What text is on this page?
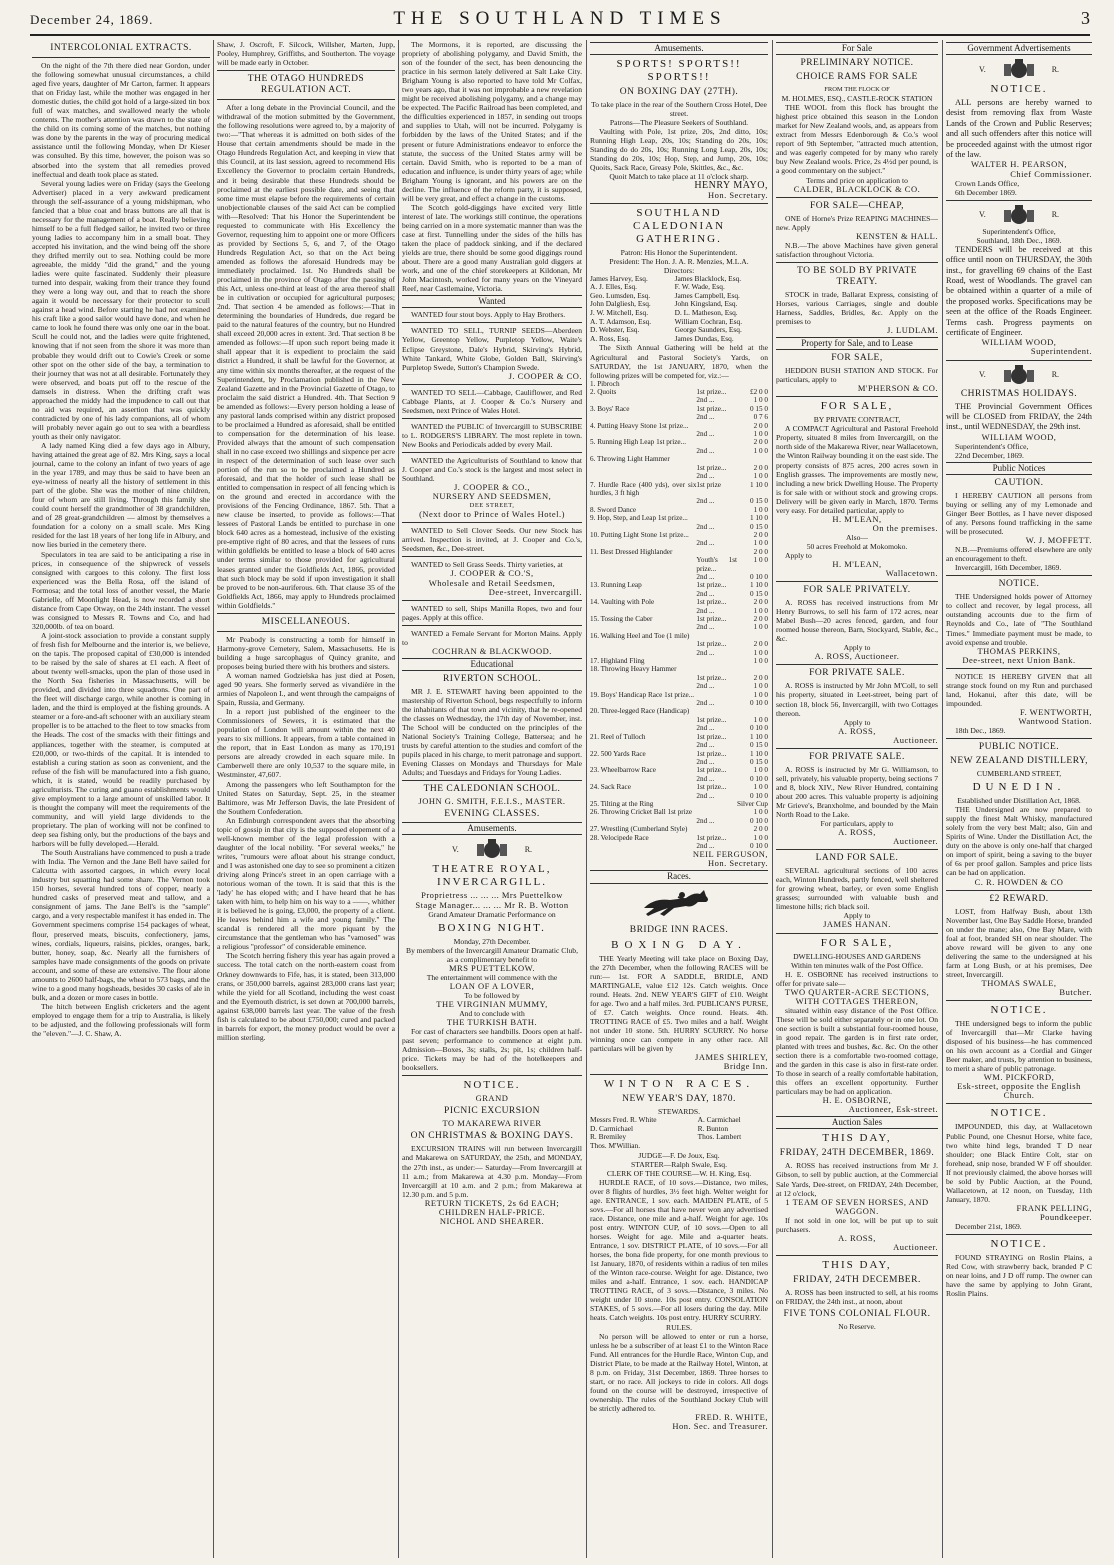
December 24, 1869.	THE SOUTHLAND TIMES	3
INTERCOLONIAL EXTRACTS.

On the night of the 7th there died near Gordon, under the following somewhat unusual circumstances, a child aged five years, daughter of Mr Carton, farmer. It appears that on Friday last, while the mother was engaged in her domestic duties, the child got hold of a large-sized tin box full of wax matches, and swallowed nearly the whole contents. The mother's attention was drawn to the state of the child on its coming some of the matches, but nothing was done by the parents in the way of procuring medical assistance until the following Monday, when Dr Kieser was consulted. By this time, however, the poison was so absorbed into the system that all remedies proved ineffectual and death took place as stated.

Several young ladies were on Friday (says the Geelong Advertiser) placed in a very awkward predicament through the self-assurance of a young midshipman, who fancied that a blue coat and brass buttons are all that is necessary for the management of a boat. Really believing himself to be a full fledged sailor, he invited two or three young ladies to accompany him in a small boat. They accepted his invitation, and the wind being off the shore they drifted merrily out to sea. Nothing could be more agreeable, the middy "did the grand," and the young ladies were quite fascinated. Suddenly their pleasure turned into despair, waking from their trance they found they were a long way out, and that to reach the shore again it would be necessary for their protector to scull against a head wind. Before starting he had not examined his craft like a good sailor would have done, and when he came to look he found there was only one oar in the boat. Scull he could not, and the ladies were quite frightened, knowing that if not seen from the shore it was more than probable they would drift out to Cowie's Creek or some other spot on the other side of the bay, a termination to their journey that was not at all desirable. Fortunately they were observed, and boats put off to the rescue of the damsels in distress. When the drifting craft was approached the middy had the impudence to call out that no aid was required, an assertion that was quickly contradicted by one of his lady companions, all of whom will probably never again go out to sea with a beardless youth as their only navigator.

A lady named King died a few days ago in Albury, having attained the great age of 82. Mrs King, says a local journal, came to the colony an infant of two years of age in the year 1789, and may thus be said to have been an eye-witness of nearly all the history of settlement in this part of the globe. She was the mother of nine children, four of whom are still living. Through this family she could count herself the grandmother of 38 grandchildren, and of 28 great-grandchildren — almost by themselves a foundation for a colony on a small scale. Mrs King resided for the last 18 years of her long life in Albury, and now lies buried in the cemetery there.

Speculators in tea are said to be anticipating a rise in prices, in consequence of the shipwreck of vessels consigned with cargoes to this colony. The first loss experienced was the Bella Rosa, off the island of Formosa; and the total loss of another vessel, the Marie Gabrielle, off Moonlight Head, is now recorded a short distance from Cape Otway, on the 24th instant. The vessel was consigned to Messrs R. Towns and Co, and had 320,000lb. of tea on board.

A joint-stock association to provide a constant supply of fresh fish for Melbourne and the interior is, we believe, on the tapis. The proposed capital of £30,000 is intended to be raised by the sale of shares at £1 each. A fleet of about twenty well-smacks, upon the plan of those used in the North Sea fisheries in Massachusetts, will be provided, and divided into three squadrons. One part of the fleet will discharge cargo, while another is coming in laden, and the third is employed at the fishing grounds. A steamer or a fore-and-aft schooner with an auxiliary steam propeller is to be attached to the fleet to tow smacks from the Heads. The cost of the smacks with their fittings and appliances, together with the steamer, is computed at £20,000, or two-thirds of the capital. It is intended to establish a curing station as soon as convenient, and the refuse of the fish will be manufactured into a fish guano, which, it is stated, would be readily purchased by agriculturists. The curing and guano establishments would give employment to a large amount of unskilled labor. It is thought the company will meet the requirements of the community, and will yield large dividends to the proprietary. The plan of working will not be confined to deep sea fishing only, but the productions of the bays and harbors will be fully developed.—Herald.

The South Australians have commenced to push a trade with India. The Vernon and the Jane Bell have sailed for Calcutta with assorted cargoes, in which every local industry but squatting had some share. The Vernon took 150 horses, several hundred tons of copper, nearly a hundred casks of preserved meat and tallow, and a consignment of jams. The Jane Bell's is the "sample" cargo, and a very respectable manifest it has ended in. The Government specimens comprise 154 packages of wheat, flour, preserved meats, biscuits, confectionery, jams, wines, cordials, liqueurs, raisins, pickles, oranges, bark, butter, honey, soap, &c. Nearly all the furnishers of samples have made consignments of the goods on private account, and some of these are extensive. The flour alone amounts to 2600 half-bags, the wheat to 573 bags, and the wine to a good many hogsheads, besides 30 casks of ale in bulk, and a dozen or more cases in bottle.

The hitch between English cricketers and the agent employed to engage them for a trip to Australia, is likely to be adjusted, and the following professionals will form the "eleven."—J. C. Shaw, A.

Shaw, J. Oscroft, F. Silcock, Willsher, Marten, Jupp, Pooley, Humphrey, Griffiths, and Southerton. The voyage will be made early in October.

THE OTAGO HUNDREDS REGULATION ACT.

After a long debate in the Provincial Council, and the withdrawal of the motion submitted by the Government, the following resolutions were agreed to, by a majority of two:—"That whereas it is admitted on both sides of the House that certain amendments should be made in the Otago Hundreds Regulation Act, and keeping in view that this Council, at its last session, agreed to recommend His Excellency the Governor to proclaim certain Hundreds, and it being desirable that these Hundreds should be proclaimed at the earliest possible date, and seeing that some time must elapse before the requirements of certain unobjectionable clauses of the said Act can be complied with—Resolved: That his Honor the Superintendent be requested to communicate with His Excellency the Governor, requesting him to appoint one or more Officers as provided by Sections 5, 6, and 7, of the Otago Hundreds Regulation Act, so that on the Act being amended as follows the aforesaid Hundreds may be immediately proclaimed. 1st. No Hundreds shall be proclaimed in the province of Otago after the passing of this Act, unless one-third at least of the area thereof shall be in cultivation or occupied for agricultural purposes; 2nd. That section 4 be amended as follows:—That in determining the boundaries of Hundreds, due regard be paid to the natural features of the country, but no Hundred shall exceed 20,000 acres in extent. 3rd. That section 8 be amended as follows:—If upon such report being made it shall appear that it is expedient to proclaim the said district a Hundred, it shall be lawful for the Governor, at any time within six months thereafter, at the request of the Superintendent, by Proclamation published in the New Zealand Gazette and in the Provincial Gazette of Otago, to proclaim the said district a Hundred. 4th. That Section 9 be amended as follows:—Every person holding a lease of any pastoral lands comprised within any district proposed to be proclaimed a Hundred as aforesaid, shall be entitled to compensation for the determination of his lease. Provided always that the amount of such compensation shall in no case exceed two shillings and sixpence per acre in respect of the determination of such lease over such portion of the run so to be proclaimed a Hundred as aforesaid, and that the holder of such lease shall be entitled to compensation in respect of all fencing which is on the ground and erected in accordance with the provisions of the Fencing Ordinance, 1867. 5th. That a new clause be inserted, to provide as follows:—That lessees of Pastoral Lands be entitled to purchase in one block 640 acres as a homestead, inclusive of the existing pre-emptive right of 80 acres, and that the lessees of runs within goldfields be entitled to lease a block of 640 acres under terms similar to those provided for agricultural leases granted under the Goldfields Act, 1866, provided that such block may be sold if upon investigation it shall be proved to be non-auriferous. 6th. That clause 35 of the Goldfields Act, 1866, may apply to Hundreds proclaimed within Goldfields."

MISCELLANEOUS.

Mr Peabody is constructing a tomb for himself in Harmony-grove Cemetery, Salem, Massachusetts. He is building a huge sarcophagus of Quincy granite, and proposes being buried there with his brothers and sisters.

A woman named Godzielska has just died at Posen, aged 90 years. She formerly served as vivandière in the armies of Napoleon I., and went through the campaigns of Spain, Russia, and Germany.

In a report just published of the engineer to the Commissioners of Sewers, it is estimated that the population of London will amount within the next 40 years to six millions. It appears, from a table contained in the report, that in East London as many as 170,191 persons are already crowded in each square mile. In Camberwell there are only 10,537 to the square mile, in Westminster, 47,607.

Among the passengers who left Southampton for the United States on Saturday, Sept. 25, in the steamer Baltimore, was Mr Jefferson Davis, the late President of the Southern Confederation.

An Edinburgh correspondent avers that the absorbing topic of gossip in that city is the supposed elopement of a well-known member of the legal profession with a daughter of the local nobility. "For several weeks," he writes, "rumours were afloat about his strange conduct, and I was astonished one day to see so prominent a citizen driving along Prince's street in an open carriage with a notorious woman of the town. It is said that this is the 'lady' he has eloped with; and I have heard that he has taken with him, to help him on his way to a ——, whither it is believed he is going, £3,000, the property of a client. He leaves behind him a wife and young family." The scandal is rendered all the more piquant by the circumstance that the gentleman who has "vamosed" was a religious "professor" of considerable eminence.

The Scotch herring fishery this year has again proved a success. The total catch on the north-eastern coast from Orkney downwards to Fife, has, it is stated, been 313,000 crans, or 350,000 barrels, against 283,000 crans last year; while the yield for all Scotland, including the west coast and the Eyemouth district, is set down at 700,000 barrels, against 638,000 barrels last year. The value of the fresh fish is calculated to be about £750,000; cured and packed in barrels for export, the money product would be over a million sterling.

The Mormons, it is reported, are discussing the propriety of abolishing polygamy, and David Smith, the son of the founder of the sect, has been denouncing the practice in his sermon lately delivered at Salt Lake City. Brigham Young is also reported to have told Mr Colfax, two years ago, that it was not improbable a new revelation might be received abolishing polygamy, and a change may be expected. The Pacific Railroad has been completed, and the difficulties experienced in 1857, in sending out troops and supplies to Utah, will not be incurred. Polygamy is forbidden by the laws of the United States; and if the present or future Administrations endeavor to enforce the statute, the success of the United States army will be certain. David Smith, who is reported to be a man of education and influence, is under thirty years of age; while Brigham Young is ignorant, and his powers are on the decline. The influence of the reform party, it is supposed, will be very great, and effect a change in the customs.

The Scotch gold-diggings have excited very little interest of late. The workings still continue, the operations being carried on in a more systematic manner than was the case at first. Tunnelling under the sides of the hills has taken the place of paddock sinking, and if the declared yields are true, there should be some good diggings round about. There are a good many Australian gold diggers at work, and one of the chief storekeepers at Kildonan, Mr John Macintosh, worked for many years on the Vineyard Reef, near Castlemaine, Victoria.

Wanted

WANTED four stout boys. Apply to Hay Brothers.

WANTED TO SELL, TURNIP SEEDS—Aberdeen Yellow, Greentop Yellow, Purpletop Yellow, Waite's Eclipse Greystone, Dale's Hybrid, Skirving's Hybrid, White Tankard, White Globe, Golden Ball, Skirving's Purpletop Swede, Sutton's Champion Swede.

J. COOPER & CO.

WANTED TO SELL—Cabbage, Cauliflower, and Red Cabbage Plants, at J. Cooper & Co.'s Nursery and Seedsmen, next Prince of Wales Hotel.

WANTED the PUBLIC of Invercargill to SUBSCRIBE to L. RODGERS'S LIBRARY. The most replete in town. New Books and Periodicals added by every Mail.

WANTED the Agriculturists of Southland to know that J. Cooper and Co.'s stock is the largest and most select in Southland.

J. COOPER & CO.,

NURSERY AND SEEDSMEN,

DEE STREET,

(Next door to Prince of Wales Hotel.)

WANTED to Sell Clover Seeds. Our new Stock has arrived. Inspection is invited, at J. Cooper and Co.'s, Seedsmen, &c., Dee-street.

WANTED to Sell Grass Seeds. Thirty varieties, at

J. COOPER & CO.'S,

Wholesale and Retail Seedsmen,

Dee-street, Invercargill.

WANTED to sell, Ships Manilla Ropes, two and four pages. Apply at this office.

WANTED a Female Servant for Morton Mains. Apply to

COCHRAN & BLACKWOOD.

Educational
RIVERTON SCHOOL.

MR J. E. STEWART having been appointed to the mastership of Riverton School, begs respectfully to inform the inhabitants of that town and vicinity, that he re-opened the classes on Wednesday, the 17th day of November, inst. The School will be conducted on the principles of the National Society's Training College, Battersea; and he trusts by careful attention to the studies and comfort of the pupils placed in his charge, to merit patronage and support. Evening Classes on Mondays and Thursdays for Male Adults; and Tuesdays and Fridays for Young Ladies.

THE CALEDONIAN SCHOOL.

JOHN G. SMITH, F.E.I.S., MASTER.

EVENING CLASSES.
Amusements.
V.	R.
THEATRE ROYAL, INVERCARGILL.

Proprietress ... ... ... Mrs Puettelkow

Stage Manager... ... ... Mr R. B. Wotton

Grand Amateur Dramatic Performance on

BOXING NIGHT.

Monday, 27th December.

By members of the Invercargill Amateur Dramatic Club, as a complimentary benefit to

MRS PUETTELKOW.

The entertainment will commence with the

LOAN OF A LOVER,

To be followed by

THE VIRGINIAN MUMMY,

And to conclude with

THE TURKISH BATH.

For cast of characters see handbills. Doors open at half-past seven; performance to commence at eight p.m. Admission—Boxes, 3s; stalls, 2s; pit, 1s; children half-price. Tickets may be had of the hotelkeepers and booksellers.

NOTICE.

GRAND

PICNIC EXCURSION

TO MAKAREWA RIVER

ON CHRISTMAS & BOXING DAYS.

EXCURSION TRAINS will run between Invercargill and Makarewa on SATURDAY, the 25th, and MONDAY, the 27th inst., as under:— Saturday—From Invercargill at 11 a.m.; from Makarewa at 4.30 p.m. Monday—From Invercargill at 10 a.m. and 2 p.m.; from Makarewa at 12.30 p.m. and 5 p.m.

RETURN TICKETS, 2s 6d EACH;

CHILDREN HALF-PRICE.

NICHOL AND SHEARER.

Amusements.
SPORTS! SPORTS!! SPORTS!!
ON BOXING DAY (27TH).

To take place in the rear of the Southern Cross Hotel, Dee street.

Patrons—The Pleasure Seekers of Southland.

Vaulting with Pole, 1st prize, 20s, 2nd ditto, 10s; Running High Leap, 20s, 10s; Standing do 20s, 10s; Standing do do 20s, 10s; Running Long Leap, 20s, 10s; Standing do 20s, 10s; Hop, Step, and Jump, 20s, 10s; Quoits, Sack Race, Greasy Pole, Skittles, &c., &c.

Quoit Match to take place at 11 o'clock sharp.

HENRY MAYO,

Hon. Secretary.

SOUTHLAND CALEDONIAN GATHERING.

Patron: His Honor the Superintendent.

President: The Hon. J. A. R. Menzies, M.L.A.

Directors:

James Harvey, Esq.	James Blacklock, Esq.
A. J. Elles, Esq.	F. W. Wade, Esq.
Geo. Lumsden, Esq.	James Campbell, Esq.
John Dalgliesh, Esq.	John Kingsland, Esq.
J. W. Mitchell, Esq.	D. L. Matheson, Esq.
A. T. Adamson, Esq.	William Cochran, Esq.
D. Webster, Esq.	George Saunders, Esq.
A. Ross, Esq.	James Dundas, Esq.

The Sixth Annual Gathering will be held at the Agricultural and Pastoral Society's Yards, on SATURDAY, the 1st JANUARY, 1870, when the following prizes will be competed for, viz.:—

1. Pibroch		
2. Quoits	1st prize...	£2 0 0
	2nd ...	1 0 0
3. Boys' Race	1st prize...	0 15 0
	2nd ...	0 7 6
4. Putting Heavy Stone 1st prize...		2 0 0
	2nd ...	1 0 0
5. Running High Leap 1st prize...		2 0 0
	2nd ...	1 0 0
6. Throwing Light Hammer		
	1st prize...	2 0 0
	2nd ...	1 0 0
7. Hurdle Race (400 yds), over six hurdles, 3 ft high	1st prize	1 10 0
	2nd ...	0 15 0
8. Sword Dance		1 0 0
9. Hop, Step, and Leap 1st prize...		1 10 0
	2nd ...	0 15 0
10. Putting Light Stone 1st prize...		2 0 0
	2nd ...	1 0 0
11. Best Dressed Highlander		2 0 0
	Youth's 1st prize...	1 0 0
	2nd ...	0 10 0
13. Running Leap	1st prize...	1 10 0
	2nd ...	0 15 0
14. Vaulting with Pole	1st prize...	2 0 0
	2nd ...	1 0 0
15. Tossing the Caber	1st prize...	2 0 0
	2nd ...	1 0 0
16. Walking Heel and Toe (1 mile)		
	1st prize...	2 0 0
	2nd ...	1 0 0
17. Highland Fling		1 0 0
18. Throwing Heavy Hammer		
	1st prize...	2 0 0
	2nd ...	1 0 0
19. Boys' Handicap Race 1st prize...		1 0 0
	2nd ...	0 10 0
20. Three-legged Race (Handicap)		
	1st prize...	1 0 0
	2nd ...	0 10 0
21. Reel of Tulloch	1st prize...	1 10 0
	2nd ...	0 15 0
22. 500 Yards Race	1st prize...	1 10 0
	2nd ...	0 15 0
23. Wheelbarrow Race	1st prize...	1 0 0
	2nd ...	0 10 0
24. Sack Race	1st prize...	1 0 0
	2nd ...	0 10 0
25. Tilting at the Ring		Silver Cup
26. Throwing Cricket Ball 1st prize		1 0 0
	2nd ...	0 10 0
27. Wrestling (Cumberland Style)		2 0 0
28. Velocipede Race	1st prize...	1 0 0
	2nd ...	0 10 0

NEIL FERGUSON,

Hon. Secretary.

Races.
BRIDGE INN RACES.
BOXING DAY.

THE Yearly Meeting will take place on Boxing Day, the 27th December, when the following RACES will be run:— 1st. FOR A SADDLE, BRIDLE, AND MARTINGALE, value £12 12s. Catch weights. Once round. Heats. 2nd. NEW YEAR'S GIFT of £10. Weight for age. Two and a half miles. 3rd. PUBLICAN'S PURSE, of £7. Catch weights. Once round. Heats. 4th. TROTTING RACE of £5. Two miles and a half. Weight not under 10 stone. 5th. HURRY SCURRY. No horse winning once can compete in any other race. All particulars will be given by

JAMES SHIRLEY,

Bridge Inn.

WINTON RACES.
NEW YEAR'S DAY, 1870.

STEWARDS.

Messrs Fred. R. White	A. Carmichael
D. Carmichael	R. Bunton
R. Bremiley	Thos. Lambert
Thos. M'Willian.	

JUDGE—F. De Joux, Esq.

STARTER—Ralph Swale, Esq.

CLERK OF THE COURSE—W. H. King, Esq.

HURDLE RACE, of 10 sovs.—Distance, two miles, over 8 flights of hurdles, 3½ feet high. Welter weight for age. ENTRANCE, 1 sov. each. MAIDEN PLATE, of 5 sovs.—For all horses that have never won any advertised race. Distance, one mile and a-half. Weight for age. 10s post entry. WINTON CUP, of 10 sovs.—Open to all horses. Weight for age. Mile and a-quarter heats. Entrance, 1 sov. DISTRICT PLATE, of 10 sovs.—For all horses, the bona fide property, for one month previous to 1st January, 1870, of residents within a radius of ten miles of the Winton race-course. Weight for age. Distance, two miles and a-half. Entrance, 1 sov. each. HANDICAP TROTTING RACE, of 3 sovs.—Distance, 3 miles. No weight under 10 stone. 10s post entry. CONSOLATION STAKES, of 5 sovs.—For all losers during the day. Mile heats. Catch weights. 10s post entry. HURRY SCURRY.

RULES.

No person will be allowed to enter or run a horse, unless he be a subscriber of at least £1 to the Winton Race Fund. All entrances for the Hurdle Race, Winton Cup, and District Plate, to be made at the Railway Hotel, Winton, at 8 p.m. on Friday, 31st December, 1869. Three horses to start, or no race. All jockeys to ride in colors. All dogs found on the course will be destroyed, irrespective of ownership. The rules of the Southland Jockey Club will be strictly adhered to.

FRED. R. WHITE,

Hon. Sec. and Treasurer.

For Sale
PRELIMINARY NOTICE.
CHOICE RAMS FOR SALE

FROM THE FLOCK OF

M. HOLMES, ESQ., CASTLE-ROCK STATION

THE WOOL from this flock has brought the highest price obtained this season in the London market for New Zealand wools, and, as appears from extract from Messrs Edenborough & Co.'s wool report of 9th September, "attracted much attention, and was eagerly competed for by many who rarely buy New Zealand wools. Price, 2s 4½d per pound, is a good commentary on the subject."

Terms and price on application to

CALDER, BLACKLOCK & CO.

FOR SALE—CHEAP,

ONE of Horne's Prize REAPING MACHINES—new. Apply

KENSTEN & HALL.

N.B.—The above Machines have given general satisfaction throughout Victoria.

TO BE SOLD BY PRIVATE TREATY.

STOCK in trade, Ballarat Express, consisting of Horses, various Carriages, single and double Harness, Saddles, Bridles, &c. Apply on the premises to

J. LUDLAM.

Property for Sale, and to Lease
FOR SALE,

HEDDON BUSH STATION AND STOCK. For particulars, apply to

M'PHERSON & CO.

FOR SALE,

BY PRIVATE CONTRACT,

A COMPACT Agricultural and Pastoral Freehold Property, situated 8 miles from Invercargill, on the north side of the Makarewa River, near Wallacetown, the Winton Railway bounding it on the east side. The property consists of 875 acres, 200 acres sown in English grasses. The improvements are mostly new, including a new brick Dwelling House. The Property is for sale with or without stock and growing crops. Delivery will be given early in March, 1870. Terms very easy. For detailed particular, apply to

H. M'LEAN,

On the premises.

Also—

50 acres Freehold at Mokomoko.

Apply to

H. M'LEAN,

Wallacetown.

FOR SALE PRIVATELY.

A. ROSS has received instructions from Mr Henry Burrows, to sell his farm of 172 acres, near Mabel Bush—20 acres fenced, garden, and four roomed house thereon, Barn, Stockyard, Stable, &c., &c.

Apply to

A. ROSS, Auctioneer.

FOR PRIVATE SALE.

A. ROSS is instructed by Mr John M'Coll, to sell his property, situated in Leet-street, being part of section 18, block 56, Invercargill, with two Cottages thereon.

Apply to

A. ROSS,

Auctioneer.

FOR PRIVATE SALE.

A. ROSS is instructed by Mr G. Williamson, to sell, privately, his valuable property, being sections 7 and 8, block XIV., New River Hundred, containing about 200 acres. This valuable property is adjoining Mr Grieve's, Branxholme, and bounded by the Main North Road to the Lake.

For particulars, apply to

A. ROSS,

Auctioneer.

LAND FOR SALE.

SEVERAL agricultural sections of 100 acres each, Winton Hundreds, partly fenced, well sheltered for growing wheat, barley, or even some English grasses; surrounded with valuable bush and limestone hills; rich black soil.

Apply to

JAMES HANAN.

FOR SALE,

DWELLING-HOUSES AND GARDENS

Within ten minutes walk of the Post Office.

H. E. OSBORNE has received instructions to offer for private sale—

TWO QUARTER-ACRE SECTIONS, WITH COTTAGES THEREON,

situated within easy distance of the Post Office. These will be sold either separately or in one lot. On one section is built a substantial four-roomed house, in good repair. The garden is in first rate order, planted with trees and bushes, &c. &c. On the other section there is a comfortable two-roomed cottage, and the garden in this case is also in first-rate order. To those in search of a really comfortable habitation, this offers an excellent opportunity. Further particulars may be had on application.

H. E. OSBORNE,

Auctioneer, Esk-street.

Auction Sales
THIS DAY,
FRIDAY, 24TH DECEMBER, 1869.

A. ROSS has received instructions from Mr J. Gibson, to sell by public auction, at the Commercial Sale Yards, Dee-street, on FRIDAY, 24th December, at 12 o'clock,

1 TEAM OF SEVEN HORSES, AND WAGGON.

If not sold in one lot, will be put up to suit purchasers.

A. ROSS,

Auctioneer.

THIS DAY,
FRIDAY, 24TH DECEMBER.

A. ROSS has been instructed to sell, at his rooms on FRIDAY, the 24th inst., at noon, about

FIVE TONS COLONIAL FLOUR.

No Reserve.

Government Advertisements
V.	R.
NOTICE.

ALL persons are hereby warned to desist from removing flax from Waste Lands of the Crown and Public Reserves; and all such offenders after this notice will be proceeded against with the utmost rigor of the law.

WALTER H. PEARSON,

Chief Commissioner.

Crown Lands Office,

6th December 1869.

V.	R.

Superintendent's Office,

Southland, 18th Dec., 1869.

TENDERS will be received at this office until noon on THURSDAY, the 30th inst., for gravelling 69 chains of the East Road, west of Woodlands. The gravel can be obtained within a quarter of a mile of the proposed works. Specifications may be seen at the office of the Roads Engineer. Terms cash. Progress payments on certificate of Engineer.

WILLIAM WOOD,

Superintendent.

V.	R.
CHRISTMAS HOLIDAYS.

THE Provincial Government Offices will be CLOSED from FRIDAY, the 24th inst., until WEDNESDAY, the 29th inst.

WILLIAM WOOD,

Superintendent's Office,

22nd December, 1869.

Public Notices
CAUTION.

I HEREBY CAUTION all persons from buying or selling any of my Lemonade and Ginger Beer Bottles, as I have never disposed of any. Persons found trafficking in the same will be prosecuted.

W. J. MOFFETT.

N.B.—Premiums offered elsewhere are only an encouragement to theft.

Invercargill, 16th December, 1869.

NOTICE.

THE Undersigned holds power of Attorney to collect and recover, by legal process, all outstanding accounts due to the firm of Reynolds and Co., late of "The Southland Times." Immediate payment must be made, to avoid expense and trouble.

THOMAS PERKINS,

Dee-street, next Union Bank.

NOTICE IS HEREBY GIVEN that all strange stock found on my Run and purchased land, Hokanui, after this date, will be impounded.

F. WENTWORTH,

Wantwood Station.

18th Dec., 1869.

PUBLIC NOTICE.
NEW ZEALAND DISTILLERY,

CUMBERLAND STREET,

DUNEDIN.

Established under Distillation Act, 1868.

THE Undersigned are now prepared to supply the finest Malt Whisky, manufactured solely from the very best Malt; also, Gin and Spirits of Wine. Under the Distillation Act, the duty on the above is only one-half that charged on import of spirit, being a saving to the buyer of 6s per proof gallon. Samples and price lists can be had on application.

C. R. HOWDEN & CO

£2 REWARD.

LOST, from Halfway Bush, about 13th November last, One Bay Saddle Horse, branded on under the mane; also, One Bay Mare, with foal at foot, branded SH on near shoulder. The above reward will be given to any one delivering the same to the undersigned at his farm at Long Bush, or at his premises, Dee street, Invercargill.

THOMAS SWALE,

Butcher.

NOTICE.

THE undersigned begs to inform the public of Invercargill that—Mr Clarke having disposed of his business—he has commenced on his own account as a Cordial and Ginger Beer maker, and trusts, by attention to business, to merit a share of public patronage.

WM. PICKFORD,

Esk-street, opposite the English Church.

NOTICE.

IMPOUNDED, this day, at Wallacetown Public Pound, one Chesnut Horse, white face, two white hind legs, branded T D near shoulder; one Black Entire Colt, star on forehead, snip nose, branded W F off shoulder. If not previously claimed, the above horses will be sold by Public Auction, at the Pound, Wallacetown, at 12 noon, on Tuesday, 11th January, 1870.

FRANK PELLING,

Poundkeeper.

December 21st, 1869.

NOTICE.

FOUND STRAYING on Roslin Plains, a Red Cow, with strawberry back, branded P C on near loins, and J D off rump. The owner can have the same by applying to John Grant, Roslin Plains.
